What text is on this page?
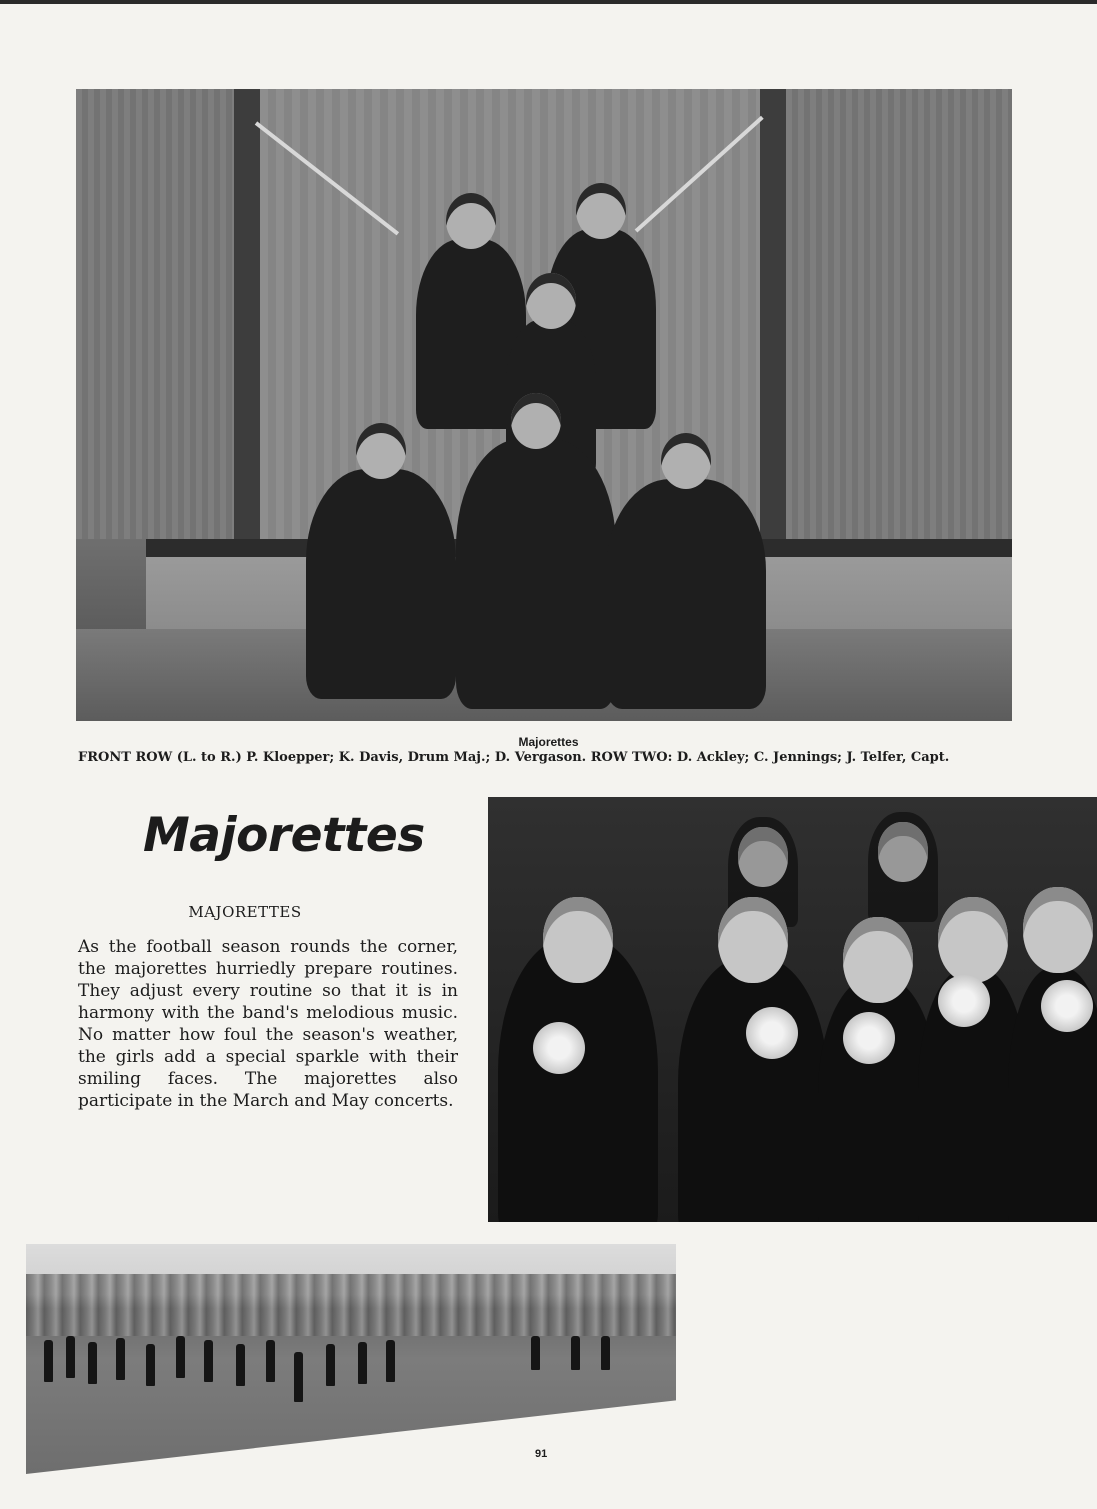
Majorettes
FRONT ROW (L. to R.) P. Kloepper; K. Davis, Drum Maj.; D. Vergason. ROW TWO: D. Ackley; C. Jennings; J. Telfer, Capt.
Majorettes
MAJORETTES
As the football season rounds the corner, the majorettes hurriedly prepare routines. They adjust every routine so that it is in harmony with the band's melodious music. No matter how foul the season's weather, the girls add a special sparkle with their smiling faces. The majorettes also participate in the March and May concerts.
91
